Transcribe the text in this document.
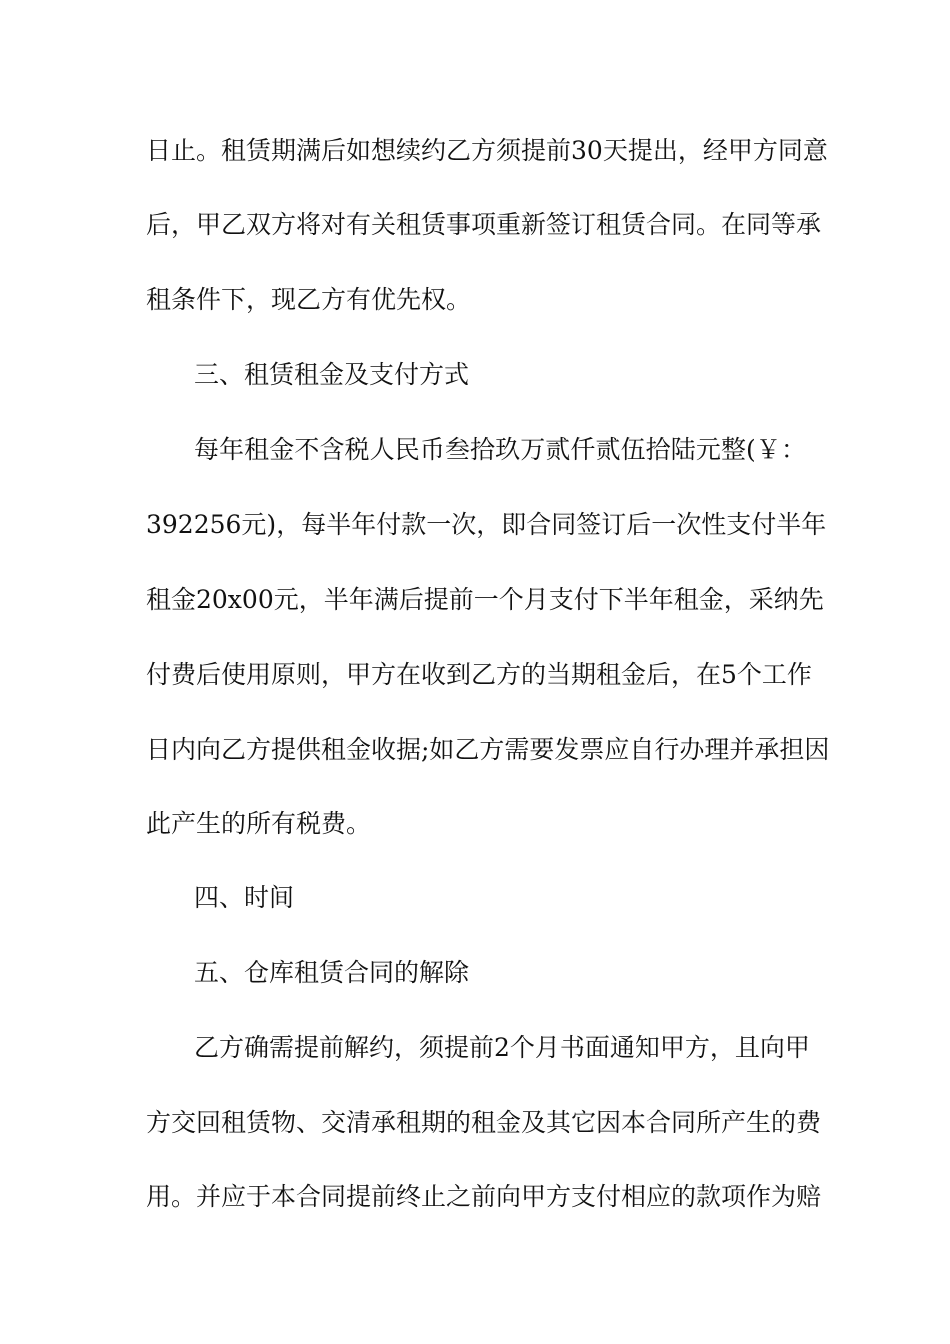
日止。租赁期满后如想续约乙方须提前30天提出，经甲方同意
后，甲乙双方将对有关租赁事项重新签订租赁合同。在同等承
租条件下，现乙方有优先权。
三、租赁租金及支付方式
每年租金不含税人民币叁拾玖万贰仟贰伍拾陆元整(￥：
392256元)，每半年付款一次，即合同签订后一次性支付半年
租金20x00元，半年满后提前一个月支付下半年租金，采纳先
付费后使用原则，甲方在收到乙方的当期租金后，在5个工作
日内向乙方提供租金收据;如乙方需要发票应自行办理并承担因
此产生的所有税费。
四、时间
五、仓库租赁合同的解除
乙方确需提前解约，须提前2个月书面通知甲方，且向甲
方交回租赁物、交清承租期的租金及其它因本合同所产生的费
用。并应于本合同提前终止之前向甲方支付相应的款项作为赔
